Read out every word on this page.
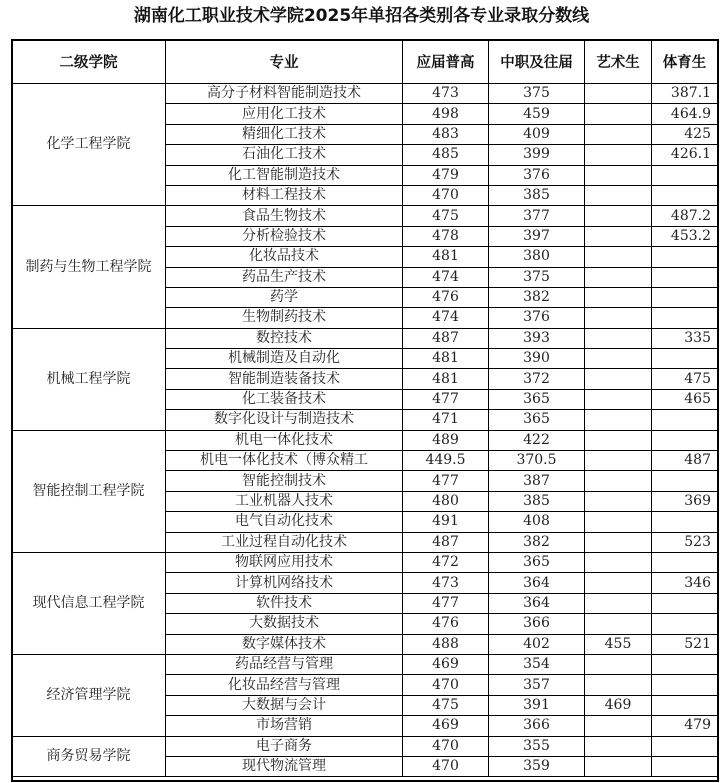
湖南化工职业技术学院2025年单招各类别各专业录取分数线
二级学院	专业	应届普高	中职及往届	艺术生	体育生
化学工程学院	高分子材料智能制造技术	473	375		387.1
	应用化工技术	498	459		464.9
	精细化工技术	483	409		425
	石油化工技术	485	399		426.1
	化工智能制造技术	479	376		
	材料工程技术	470	385		
制药与生物工程学院	食品生物技术	475	377		487.2
	分析检验技术	478	397		453.2
	化妆品技术	481	380		
	药品生产技术	474	375		
	药学	476	382		
	生物制药技术	474	376		
机械工程学院	数控技术	487	393		335
	机械制造及自动化	481	390		
	智能制造装备技术	481	372		475
	化工装备技术	477	365		465
	数字化设计与制造技术	471	365		
智能控制工程学院	机电一体化技术	489	422		
	机电一体化技术（博众精工	449.5	370.5		487
	智能控制技术	477	387		
	工业机器人技术	480	385		369
	电气自动化技术	491	408		
	工业过程自动化技术	487	382		523
现代信息工程学院	物联网应用技术	472	365		
	计算机网络技术	473	364		346
	软件技术	477	364		
	大数据技术	476	366		
	数字媒体技术	488	402	455	521
经济管理学院	药品经营与管理	469	354		
	化妆品经营与管理	470	357		
	大数据与会计	475	391	469	
	市场营销	469	366		479
商务贸易学院	电子商务	470	355		
	现代物流管理	470	359		
